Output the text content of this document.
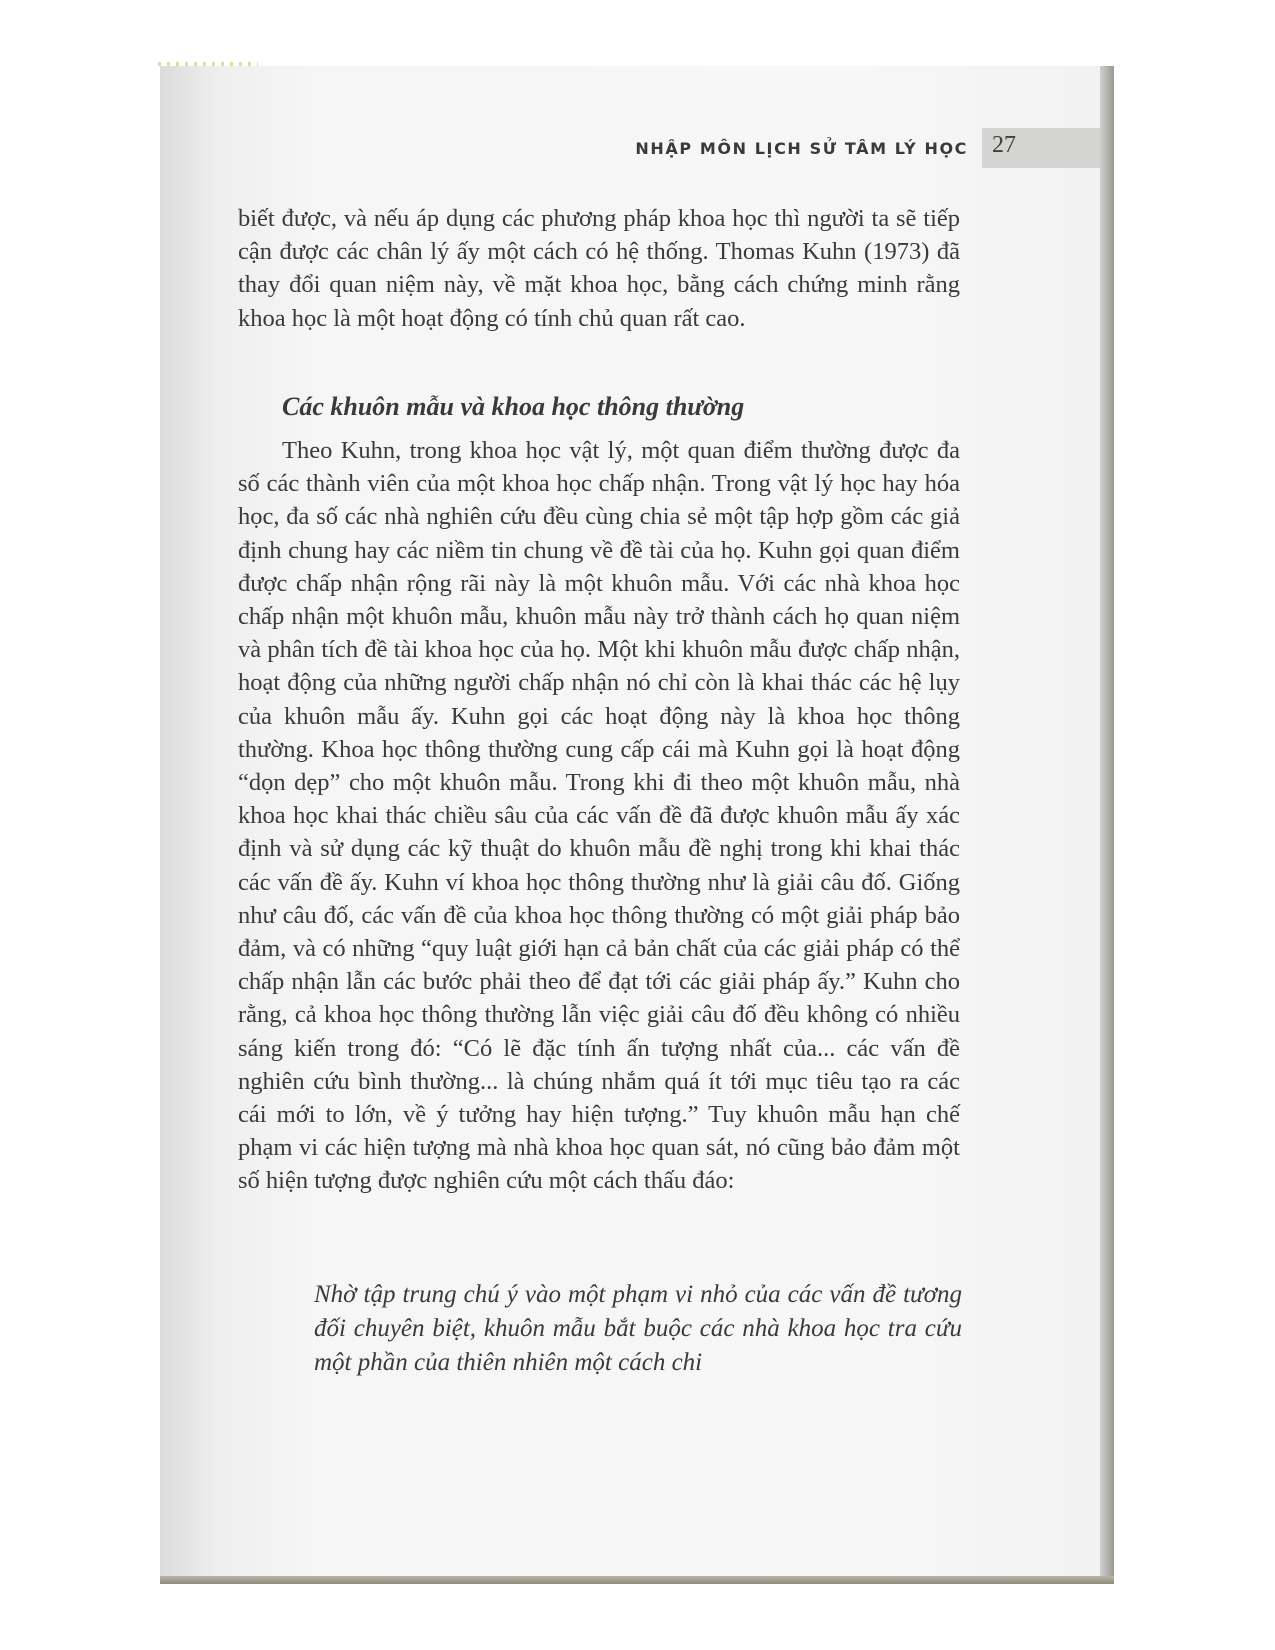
NHẬP MÔN LỊCH SỬ TÂM LÝ HỌC 27

biết được, và nếu áp dụng các phương pháp khoa học thì người ta sẽ tiếp cận được các chân lý ấy một cách có hệ thống. Thomas Kuhn (1973) đã thay đổi quan niệm này, về mặt khoa học, bằng cách chứng minh rằng khoa học là một hoạt động có tính chủ quan rất cao.

Các khuôn mẫu và khoa học thông thường

Theo Kuhn, trong khoa học vật lý, một quan điểm thường được đa số các thành viên của một khoa học chấp nhận. Trong vật lý học hay hóa học, đa số các nhà nghiên cứu đều cùng chia sẻ một tập hợp gồm các giả định chung hay các niềm tin chung về đề tài của họ. Kuhn gọi quan điểm được chấp nhận rộng rãi này là một khuôn mẫu. Với các nhà khoa học chấp nhận một khuôn mẫu, khuôn mẫu này trở thành cách họ quan niệm và phân tích đề tài khoa học của họ. Một khi khuôn mẫu được chấp nhận, hoạt động của những người chấp nhận nó chỉ còn là khai thác các hệ lụy của khuôn mẫu ấy. Kuhn gọi các hoạt động này là khoa học thông thường. Khoa học thông thường cung cấp cái mà Kuhn gọi là hoạt động “dọn dẹp” cho một khuôn mẫu. Trong khi đi theo một khuôn mẫu, nhà khoa học khai thác chiều sâu của các vấn đề đã được khuôn mẫu ấy xác định và sử dụng các kỹ thuật do khuôn mẫu đề nghị trong khi khai thác các vấn đề ấy. Kuhn ví khoa học thông thường như là giải câu đố. Giống như câu đố, các vấn đề của khoa học thông thường có một giải pháp bảo đảm, và có những “quy luật giới hạn cả bản chất của các giải pháp có thể chấp nhận lẫn các bước phải theo để đạt tới các giải pháp ấy.” Kuhn cho rằng, cả khoa học thông thường lẫn việc giải câu đố đều không có nhiều sáng kiến trong đó: “Có lẽ đặc tính ấn tượng nhất của... các vấn đề nghiên cứu bình thường... là chúng nhắm quá ít tới mục tiêu tạo ra các cái mới to lớn, về ý tưởng hay hiện tượng.” Tuy khuôn mẫu hạn chế phạm vi các hiện tượng mà nhà khoa học quan sát, nó cũng bảo đảm một số hiện tượng được nghiên cứu một cách thấu đáo:

Nhờ tập trung chú ý vào một phạm vi nhỏ của các vấn đề tương đối chuyên biệt, khuôn mẫu bắt buộc các nhà khoa học tra cứu một phần của thiên nhiên một cách chi
